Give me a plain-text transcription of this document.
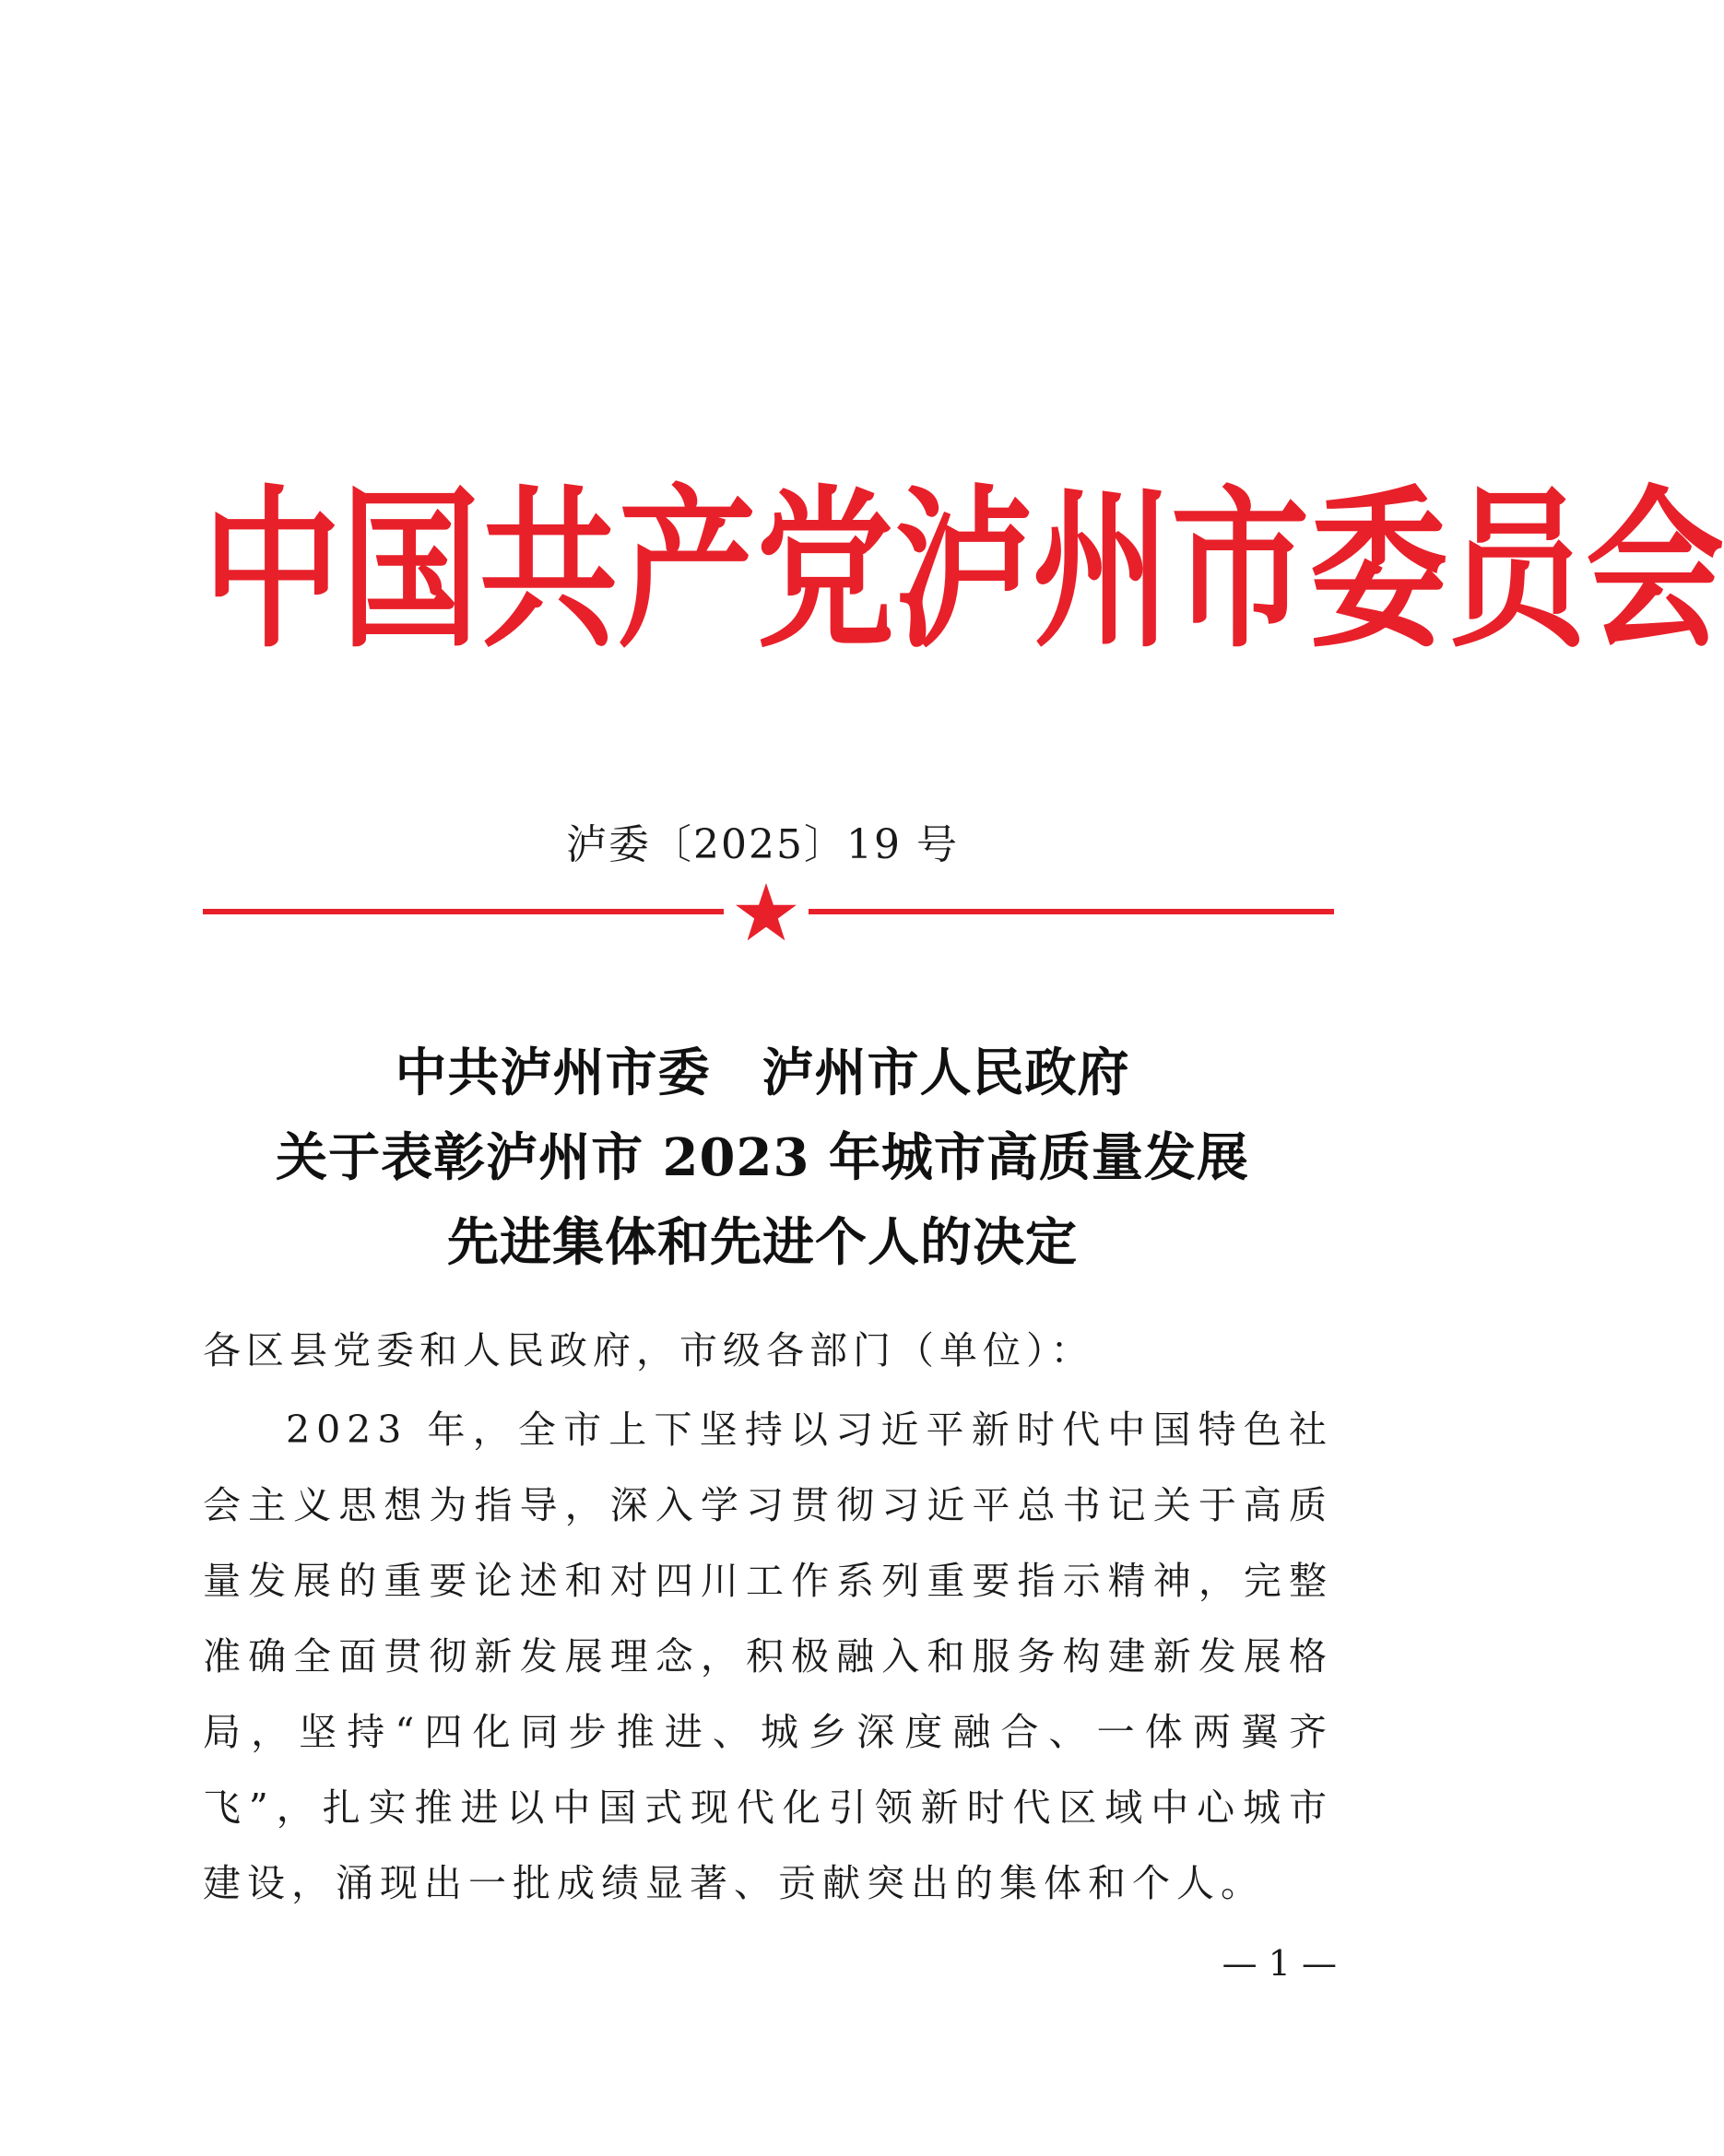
中 国 共 产 党 泸 州 市 委 员 会
泸委〔2025〕19 号
中共泸州市委 泸州市人民政府
关于表彰泸州市 2023 年城市高质量发展
先进集体和先进个人的决定
各区县党委和人民政府，市级各部门（单位）：
2023 年，全市上下坚持以习近平新时代中国特色社会主义思想为指导，深入学习贯彻习近平总书记关于高质量发展的重要论述和对四川工作系列重要指示精神，完整准确全面贯彻新发展理念，积极融入和服务构建新发展格局，坚持“四化同步推进、城乡深度融合、一体两翼齐飞”，扎实推进以中国式现代化引领新时代区域中心城市建设，涌现出一批成绩显著、贡献突出的集体和个人。
— 1 —
